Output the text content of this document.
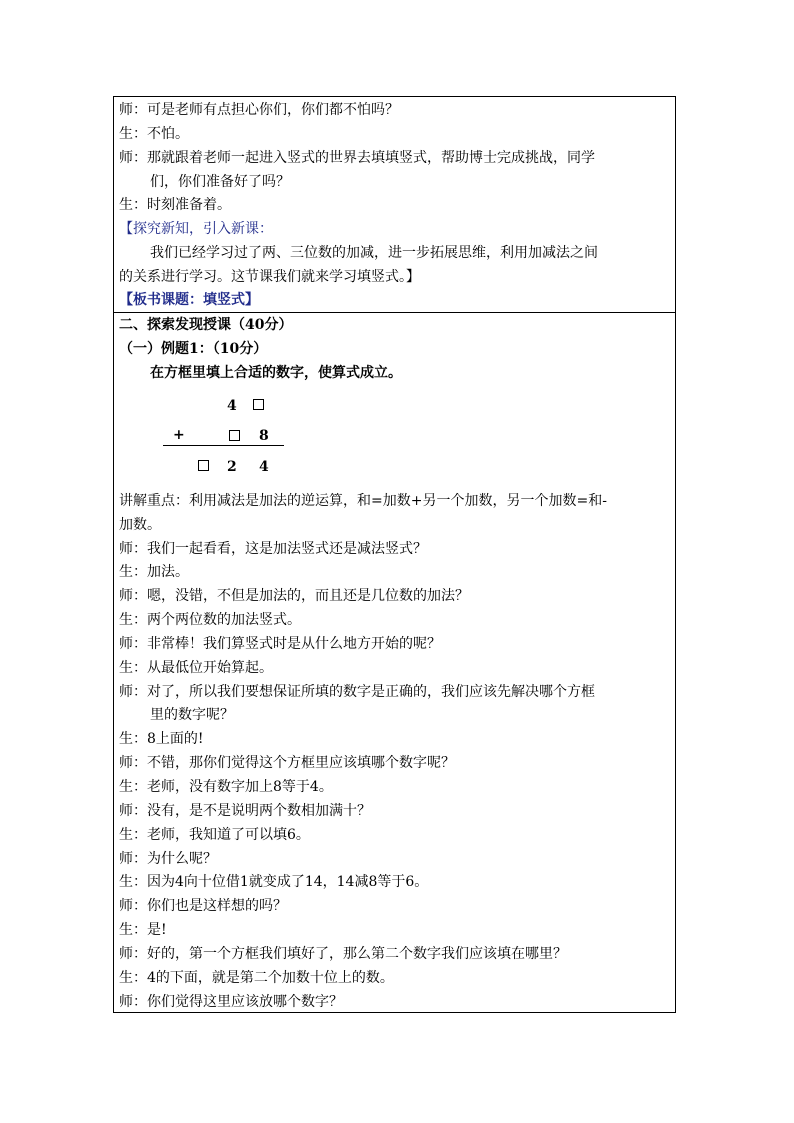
师：可是老师有点担心你们，你们都不怕吗？
生：不怕。
师：那就跟着老师一起进入竖式的世界去填填竖式，帮助博士完成挑战，同学
们，你们准备好了吗？
生：时刻准备着。
【探究新知，引入新课：
我们已经学习过了两、三位数的加减，进一步拓展思维，利用加减法之间
的关系进行学习。这节课我们就来学习填竖式。】
【板书课题：填竖式】
二、探索发现授课（40分）
（一）例题1：（10分）
在方框里填上合适的数字，使算式成立。
4
+	8
2 4
讲解重点：利用减法是加法的逆运算，和=加数+另一个加数，另一个加数=和-
加数。
师：我们一起看看，这是加法竖式还是减法竖式？
生：加法。
师：嗯，没错，不但是加法的，而且还是几位数的加法？
生：两个两位数的加法竖式。
师：非常棒！我们算竖式时是从什么地方开始的呢？
生：从最低位开始算起。
师：对了，所以我们要想保证所填的数字是正确的，我们应该先解决哪个方框
里的数字呢？
生：8上面的!
师：不错，那你们觉得这个方框里应该填哪个数字呢？
生：老师，没有数字加上8等于4。
师：没有，是不是说明两个数相加满十？
生：老师，我知道了可以填6。
师：为什么呢？
生：因为4向十位借1就变成了14，14减8等于6。
师：你们也是这样想的吗？
生：是!
师：好的，第一个方框我们填好了，那么第二个数字我们应该填在哪里？
生：4的下面，就是第二个加数十位上的数。
师：你们觉得这里应该放哪个数字？
